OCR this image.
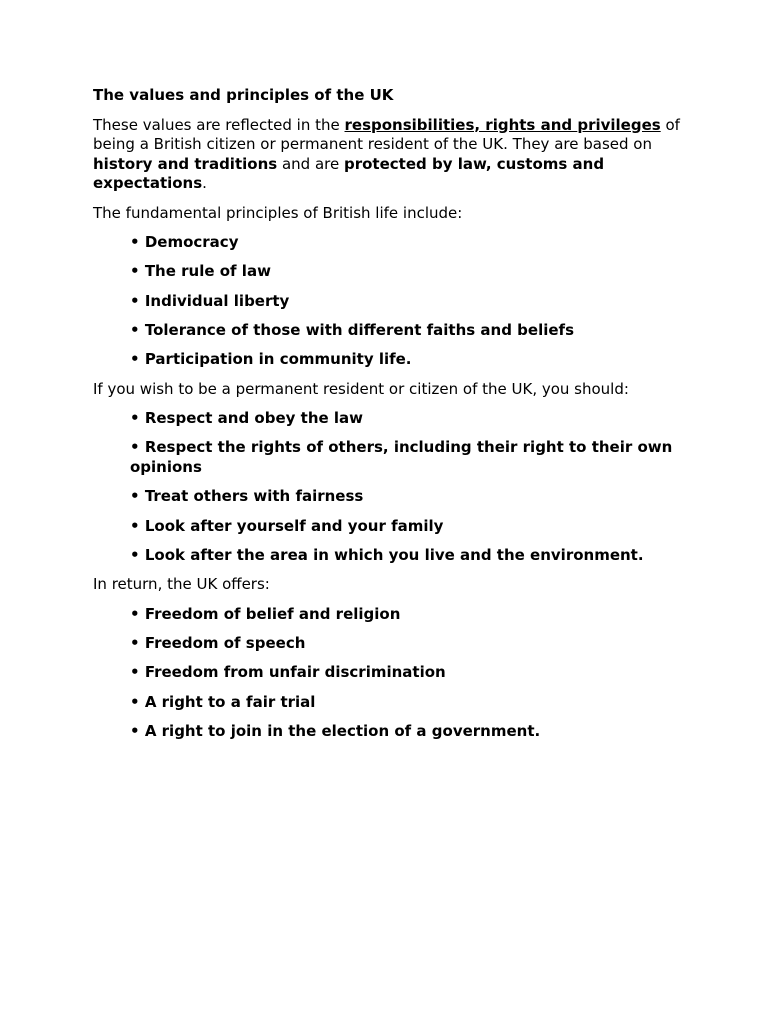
The values and principles of the UK

These values are reflected in the responsibilities, rights and privileges of being a British citizen or permanent resident of the UK. They are based on history and traditions and are protected by law, customs and expectations.

The fundamental principles of British life include:

• Democracy
• The rule of law
• Individual liberty
• Tolerance of those with different faiths and beliefs
• Participation in community life.

If you wish to be a permanent resident or citizen of the UK, you should:

• Respect and obey the law
• Respect the rights of others, including their right to their own opinions
• Treat others with fairness
• Look after yourself and your family
• Look after the area in which you live and the environment.

In return, the UK offers:

• Freedom of belief and religion
• Freedom of speech
• Freedom from unfair discrimination
• A right to a fair trial
• A right to join in the election of a government.
